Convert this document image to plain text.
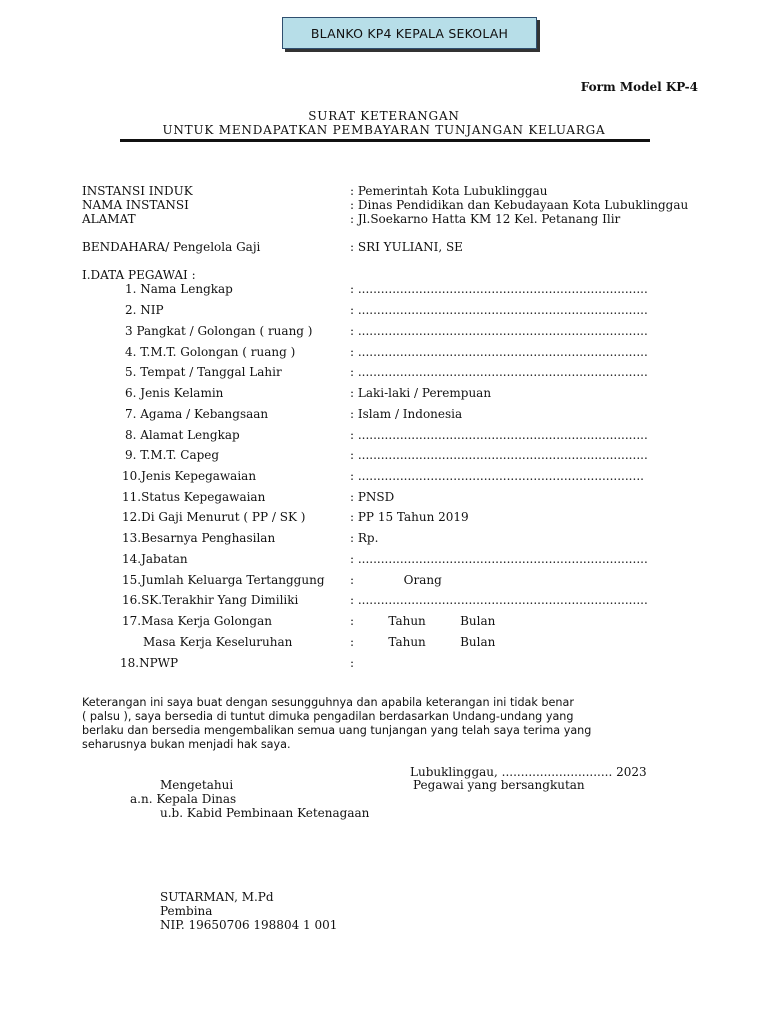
BLANKO KP4 KEPALA SEKOLAH
Form Model KP-4
SURAT KETERANGAN
UNTUK MENDAPATKAN PEMBAYARAN TUNJANGAN KELUARGA
INSTANSI INDUK	: Pemerintah Kota Lubuklinggau
NAMA INSTANSI	: Dinas Pendidikan dan Kebudayaan Kota Lubuklinggau
ALAMAT	: Jl.Soekarno Hatta KM 12 Kel. Petanang Ilir
BENDAHARA/ Pengelola Gaji	: SRI YULIANI, SE
I.DATA PEGAWAI :
1. Nama Lengkap	: ............................................................................
2. NIP	: ............................................................................
3 Pangkat / Golongan ( ruang )	: ............................................................................
4. T.M.T. Golongan ( ruang )	: ............................................................................
5. Tempat / Tanggal Lahir	: ............................................................................
6. Jenis Kelamin	: Laki-laki / Perempuan
7. Agama / Kebangsaan	: Islam / Indonesia
8. Alamat Lengkap	: ............................................................................
9. T.M.T. Capeg	: ............................................................................
10.Jenis Kepegawaian	: ...........................................................................
11.Status Kepegawaian	: PNSD
12.Di Gaji Menurut ( PP / SK )	: PP 15 Tahun 2019
13.Besarnya Penghasilan	: Rp.
14.Jabatan	: ............................................................................
15.Jumlah Keluarga Tertanggung :             Orang
16.SK.Terakhir Yang Dimiliki	: ............................................................................
17.Masa Kerja Golongan	:         Tahun         Bulan
Masa Kerja Keseluruhan	:         Tahun         Bulan
18.NPWP	:
Keterangan ini saya buat dengan sesungguhnya dan apabila keterangan ini tidak benar
( palsu ), saya bersedia di tuntut dimuka pengadilan berdasarkan Undang-undang yang
berlaku dan bersedia mengembalikan semua uang tunjangan yang telah saya terima yang
seharusnya bukan menjadi hak saya.
Lubuklinggau, ............................. 2023
Pegawai yang bersangkutan
Mengetahui
a.n. Kepala Dinas
u.b. Kabid Pembinaan Ketenagaan
SUTARMAN, M.Pd
Pembina
NIP. 19650706 198804 1 001
